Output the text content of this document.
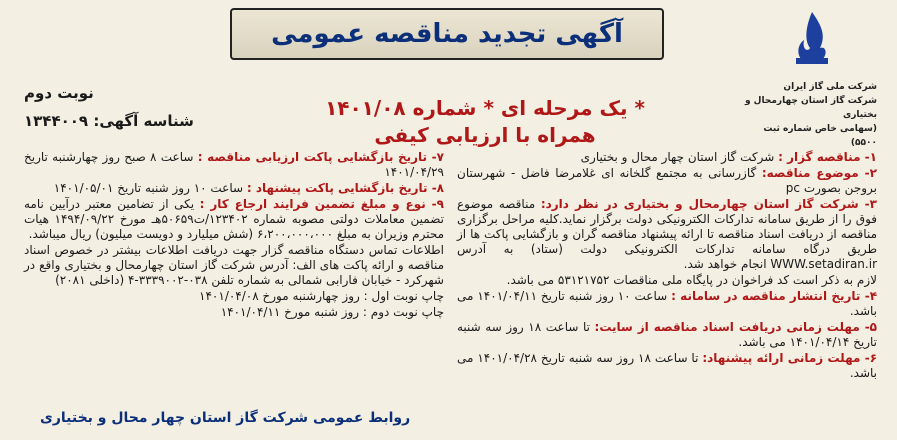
آگهی تجدید مناقصه عمومی
شرکت ملی گاز ایران
شرکت گاز استان چهارمحال و بختیاری
(سهامی خاص شماره ثبت ۵۵۰۰)
نوبت دوم
شناسه آگهی: ۱۳۴۴۰۰۹
* یک مرحله ای * شماره ۱۴۰۱/۰۸
همراه با ارزیابی کیفی

۱- مناقصه گزار : شرکت گاز استان چهار محال و بختیاری

۲- موضوع مناقصه: گازرسانی به مجتمع گلخانه ای غلامرضا فاضل - شهرستان بروجن بصورت pc

۳- شرکت گاز استان چهارمحال و بختیاری در نظر دارد: مناقصه موضوع فوق را از طریق سامانه تدارکات الکترونیکی دولت برگزار نماید.کلیه مراحل برگزاری مناقصه از دریافت اسناد مناقصه تا ارائه پیشنهاد مناقصه گران و بازگشایی پاکت ها از طریق درگاه سامانه تدارکات الکترونیکی دولت (ستاد) به آدرس WWW.setadiran.ir انجام خواهد شد.

لازم به ذکر است کد فراخوان در پایگاه ملی مناقصات ۵۳۱۲۱۷۵۲ می باشد.

۴- تاریخ انتشار مناقصه در سامانه : ساعت ۱۰ روز شنبه تاریخ ۱۴۰۱/۰۴/۱۱ می باشد.

۵- مهلت زمانی دریافت اسناد مناقصه از سایت: تا ساعت ۱۸ روز سه شنبه تاریخ ۱۴۰۱/۰۴/۱۴ می باشد.

۶- مهلت زمانی ارائه پیشنهاد: تا ساعت ۱۸ روز سه شنبه تاریخ ۱۴۰۱/۰۴/۲۸ می باشد.

۷- تاریخ بازگشایی پاکت ارزیابی مناقصه : ساعت ۸ صبح روز چهارشنبه تاریخ ۱۴۰۱/۰۴/۲۹

۸- تاریخ بازگشایی پاکت پیشنهاد : ساعت ۱۰ روز شنبه تاریخ ۱۴۰۱/۰۵/۰۱

۹- نوع و مبلغ تضمین فرایند ارجاع کار : یکی از تضامین معتبر درآیین نامه تضمین معاملات دولتی مصوبه شماره ۱۲۳۴۰۲/ت۵۰۶۵۹هـ مورخ ۱۴۹۴/۰۹/۲۲ هیات محترم وزیران به مبلغ ۶،۲۰۰،۰۰۰،۰۰۰ (شش میلیارد و دویست میلیون) ریال میباشد.

اطلاعات تماس دستگاه مناقصه گزار جهت دریافت اطلاعات بیشتر در خصوص اسناد مناقصه و ارائه پاکت های الف: آدرس شرکت گاز استان چهارمحال و بختیاری واقع در شهرکرد - خیابان فارابی شمالی به شماره تلفن ۰۳۸-۳۳۳۹۰۰۲-۴ (داخلی ۲۰۸۱)

چاپ نوبت اول : روز چهارشنبه مورخ ۱۴۰۱/۰۴/۰۸

چاپ نوبت دوم : روز شنبه مورخ ۱۴۰۱/۰۴/۱۱

روابط عمومی شرکت گاز استان چهار محال و بختیاری
